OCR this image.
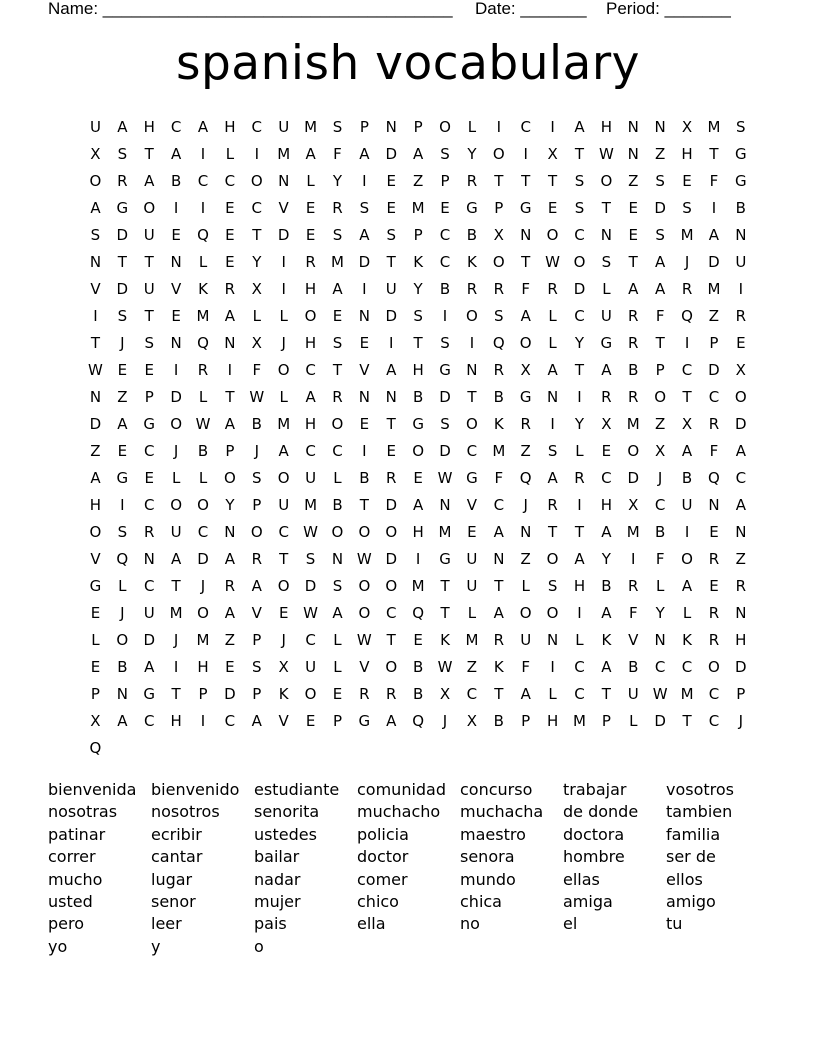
Name: _____________________________________ Date: _______ Period: _______
spanish vocabulary
U	A	H	C	A	H	C	U M	S	P	N	P	O	L	I	C	I	A	H	N	N	X	M	S
X	S	T	A	I	L	I	M	A	F	A	D	A	S	Y	O	I	X	T W N	Z	H	T	G
O	R	A	B	C	C	O	N	L	Y	I	E	Z	P	R	T	T	T	S	O	Z	S	E	F	G
A	G	O	I	I	E	C	V	E	R	S	E	M	E	G	P	G	E	S	T	E	D	S	I	B
S	D	U	E	Q	E	T	D	E	S	A	S	P	C	B	X	N	O	C	N	E	S	M	A	N
N	T	T	N	L	E	Y	I	R	M D	T	K	C	K	O	T W O	S	T	A	J	D	U
V	D	U	V	K	R	X	I	H	A	I	U	Y	B	R	R	F	R	D	L	A	A	R	M	I
I	S	T	E	M	A	L	L	O	E	N	D	S	I	O	S	A	L	C	U	R	F	Q	Z	R
T	J	S	N	Q	N	X	J	H	S	E	I	T	S	I	Q	O	L	Y	G	R	T	I	P	E
W E	E	I	R	I	F	O	C	T	V	A	H	G	N	R	X	A	T	A	B	P	C	D	X
N	Z	P	D	L	T W	L	A	R	N	N	B	D	T	B	G	N	I	R	R	O	T	C	O
D	A	G	O W A	B	M H	O	E	T	G	S	O	K	R	I	Y	X	M	Z	X	R	D
Z	E	C	J	B	P	J	A	C	C	I	E	O	D	C	M	Z	S	L	E	O	X	A	F	A
A	G	E	L	L	O	S	O	U	L	B	R	E W G	F	Q	A	R	C	D	J	B	Q	C
H	I	C	O	O	Y	P	U M	B	T	D	A	N	V	C	J	R	I	H	X	C	U	N	A
O	S	R	U	C	N	O	C W O	O	O	H M	E	A	N	T	T	A	M	B	I	E	N
V	Q	N	A	D	A	R	T	S	N W D	I	G	U	N	Z	O	A	Y	I	F	O	R	Z
G	L	C	T	J	R	A	O	D	S	O	O M	T	U	T	L	S	H	B	R	L	A	E	R
E	J	U M O	A	V	E W A	O	C	Q	T	L	A	O	O	I	A	F	Y	L	R	N
L	O	D	J	M	Z	P	J	C	L	W T	E	K	M	R	U	N	L	K	V	N	K	R	H
E	B	A	I	H	E	S	X	U	L	V	O	B W Z	K	F	I	C	A	B	C	C	O	D
P	N	G	T	P	D	P	K	O	E	R	R	B	X	C	T	A	L	C	T	U W M	C	P
X	A	C	H	I	C	A	V	E	P	G	A	Q	J	X	B	P	H M	P	L	D	T	C	J
Q
bienvenida bienvenido estudiante	comunidad concurso	trabajar	vosotros
nosotras	nosotros	senorita	muchacho	muchacha	de donde	tambien
patinar	ecribir	ustedes	policia	maestro	doctora	familia
correr	cantar	bailar	doctor	senora	hombre	ser de
mucho	lugar	nadar	comer	mundo	ellas	ellos
usted	senor	mujer	chico	chica	amiga	amigo
pero	leer	pais	ella	no	el	tu
yo	y	o
